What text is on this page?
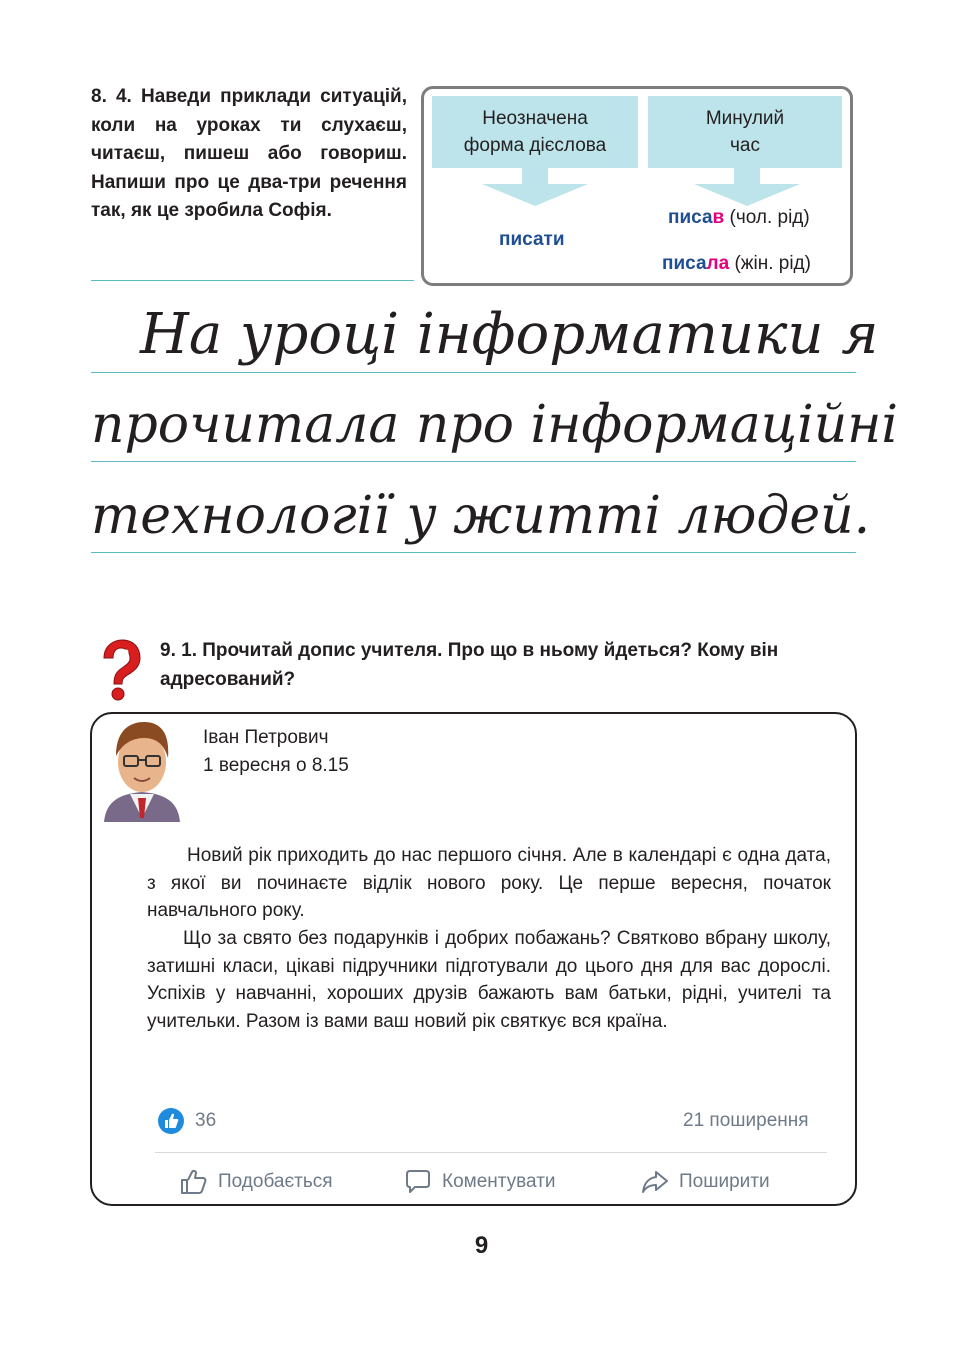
8. 4. Наведи приклади ситуацій, коли на уроках ти слухаєш, читаєш, пишеш або говориш. Напиши про це два-три речення так, як це зробила Софія.

Неозначена
форма дієслова
Минулий
час
писати
писав (чол. рід)
писала (жін. рід)
На уроці інформатики я
прочитала про інформаційні
технології у житті людей.

9. 1. Прочитай допис учителя. Про що в ньому йдеться? Кому він адресований?

Іван Петрович
1 вересня о 8.15

Новий рік приходить до нас першого січня. Але в календарі є одна дата, з якої ви починаєте відлік нового року. Це перше вересня, початок навчального року.

Що за свято без подарунків і добрих побажань? Святково вбрану школу, затишні класи, цікаві підручники підготували до цього дня для вас дорослі. Успіхів у навчанні, хороших друзів бажають вам батьки, рідні, учителі та учительки. Разом із вами ваш новий рік святкує вся країна.

36	21 поширення
Подобається	Коментувати	Поширити
9
